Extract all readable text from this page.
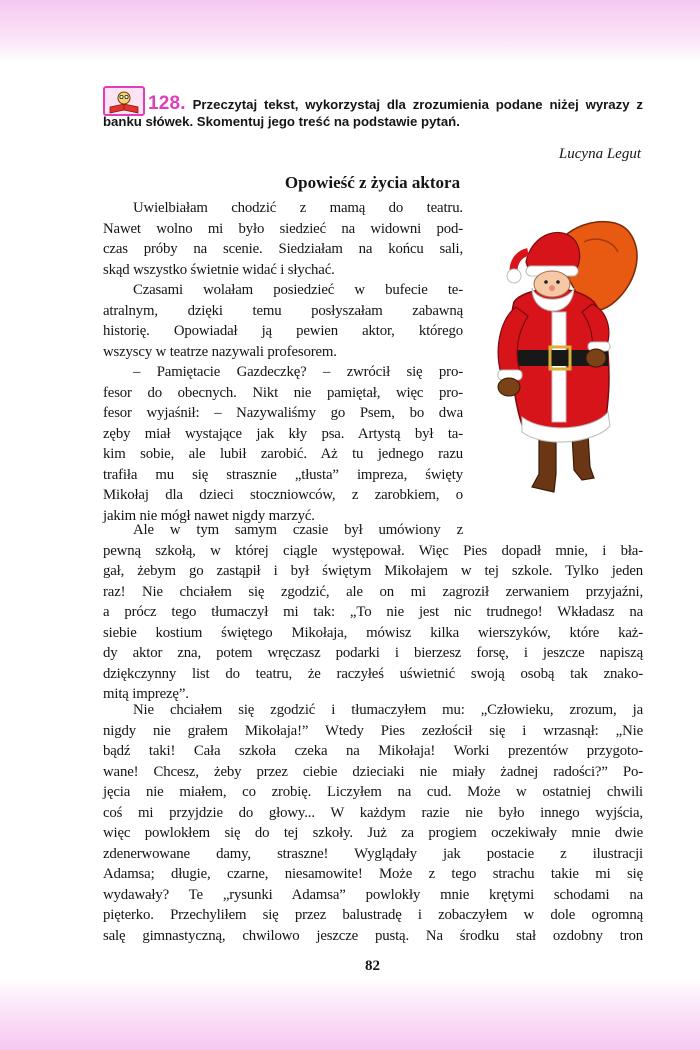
128. Przeczytaj tekst, wykorzystaj dla zrozumienia podane niżej wyrazy z banku słówek. Skomentuj jego treść na podstawie pytań.
Lucyna Legut
Opowieść z życia aktora
Uwielbiałam chodzić z mamą do teatru.
Nawet wolno mi było siedzieć na widowni pod-
czas próby na scenie. Siedziałam na końcu sali,
skąd wszystko świetnie widać i słychać.
Czasami wolałam posiedzieć w bufecie te-
atralnym, dzięki temu posłyszałam zabawną
historię. Opowiadał ją pewien aktor, którego
wszyscy w teatrze nazywali profesorem.
– Pamiętacie Gazdeczkę? – zwrócił się pro-
fesor do obecnych. Nikt nie pamiętał, więc pro-
fesor wyjaśnił: – Nazywaliśmy go Psem, bo dwa
zęby miał wystające jak kły psa. Artystą był ta-
kim sobie, ale lubił zarobić. Aż tu jednego razu
trafiła mu się strasznie „tłusta” impreza, święty
Mikołaj dla dzieci stoczniowców, z zarobkiem, o
jakim nie mógł nawet nigdy marzyć.
Ale w tym samym czasie był umówiony z
pewną szkołą, w której ciągle występował. Więc Pies dopadł mnie, i bła-
gał, żebym go zastąpił i był świętym Mikołajem w tej szkole. Tylko jeden
raz! Nie chciałem się zgodzić, ale on mi zagroził zerwaniem przyjaźni,
a prócz tego tłumaczył mi tak: „To nie jest nic trudnego! Wkładasz na
siebie kostium świętego Mikołaja, mówisz kilka wierszyków, które każ-
dy aktor zna, potem wręczasz podarki i bierzesz forsę, i jeszcze napiszą
dziękczynny list do teatru, że raczyłeś uświetnić swoją osobą tak znako-
mitą imprezę”.
Nie chciałem się zgodzić i tłumaczyłem mu: „Człowieku, zrozum, ja
nigdy nie grałem Mikołaja!” Wtedy Pies zezłościł się i wrzasnął: „Nie
bądź taki! Cała szkoła czeka na Mikołaja! Worki prezentów przygoto-
wane! Chcesz, żeby przez ciebie dzieciaki nie miały żadnej radości?” Po-
jęcia nie miałem, co zrobię. Liczyłem na cud. Może w ostatniej chwili
coś mi przyjdzie do głowy... W każdym razie nie było innego wyjścia,
więc powlokłem się do tej szkoły. Już za progiem oczekiwały mnie dwie
zdenerwowane damy, straszne! Wyglądały jak postacie z ilustracji
Adamsa; długie, czarne, niesamowite! Może z tego strachu takie mi się
wydawały? Te „rysunki Adamsa” powlokły mnie krętymi schodami na
pięterko. Przechyliłem się przez balustradę i zobaczyłem w dole ogromną
salę gimnastyczną, chwilowo jeszcze pustą. Na środku stał ozdobny tron
82
